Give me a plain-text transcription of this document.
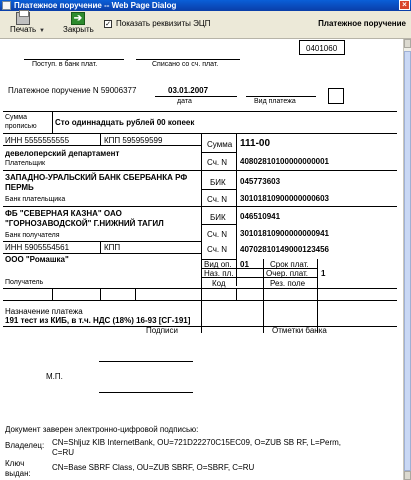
Платежное поручение -- Web Page Dialog	×
Печать ▼
➔
Закрыть
✓ Показать реквизиты ЭЦП	Платежное поручение
0401060
Поступ. в банк плат.	Списано со сч. плат.
Платежное поручение N 59006377	03.01.2007
дата	Вид платежа
Сумма прописью	Сто одиннадцать рублей 00 копеек
ИНН 5555555555	КПП 595959599
девелоперский департамент
Плательщик
Сумма 111-00
Сч. N 40802810100000000001
ЗАПАДНО-УРАЛЬСКИЙ БАНК СБЕРБАНКА РФ ПЕРМЬ
Банк плательщика
БИК 045773603
Сч. N 30101810900000000603
ФБ "СЕВЕРНАЯ КАЗНА" ОАО "ГОРНОЗАВОДСКОЙ" Г.НИЖНИЙ ТАГИЛ
Банк получателя
БИК 046510941
Сч. N 30101810900000000941
ИНН 5905554561	КПП	Сч. N 40702810149000123456
ООО "Ромашка"
Получатель
Вид оп. 01	Срок плат.
Наз. пл.	Очер. плат. 1
Код	Рез. поле
Назначение платежа
191 тест из КИБ, в т.ч. НДС (18%) 16-93 [СГ-191]
Подписи	Отметки банка
М.П.
Документ заверен электронно-цифровой подписью:
Владелец: CN=Shljuz KIB InternetBank, OU=721D22270C15EC09, O=ZUB SB RF, L=Perm, C=RU
Ключ выдан:
CN=Base SBRF Class, OU=ZUB SBRF, O=SBRF, C=RU
